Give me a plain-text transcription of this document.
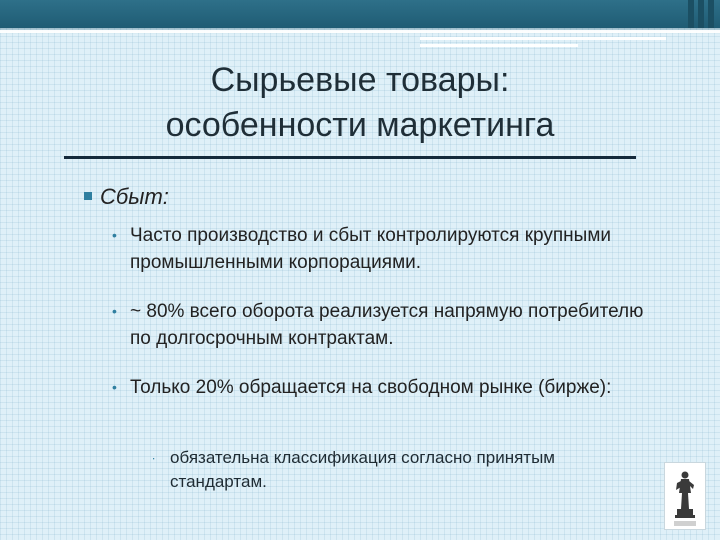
Сырьевые товары:
особенности маркетинга
Сбыт:
• Часто производство и сбыт контролируются крупными промышленными корпорациями.
• ~ 80% всего оборота реализуется напрямую потребителю по долгосрочным контрактам.
• Только 20% обращается на свободном рынке (бирже):
∙ обязательна классификация согласно принятым стандартам.
